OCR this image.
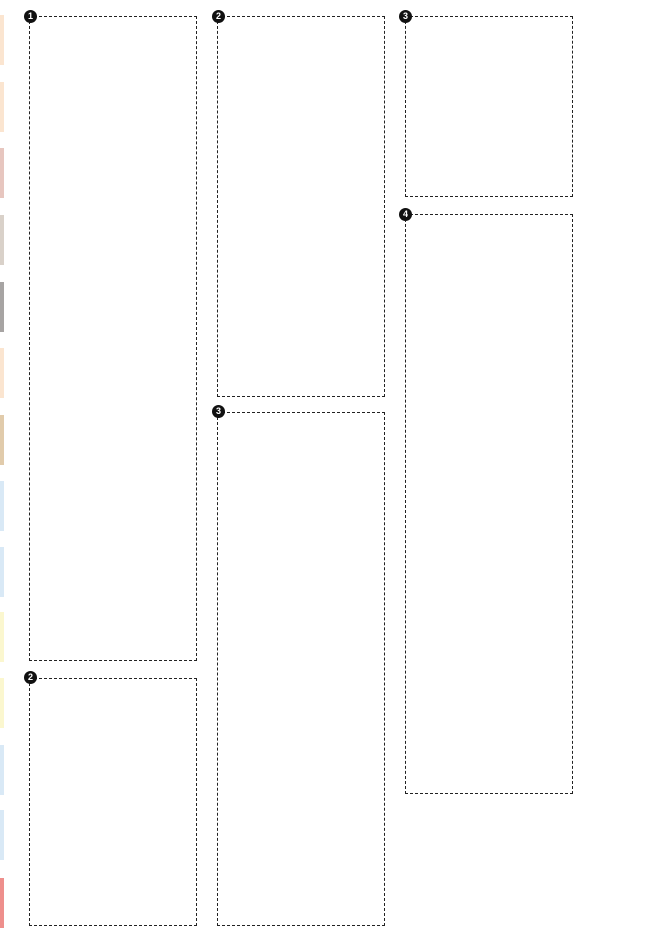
1	2
2
3
3
4
